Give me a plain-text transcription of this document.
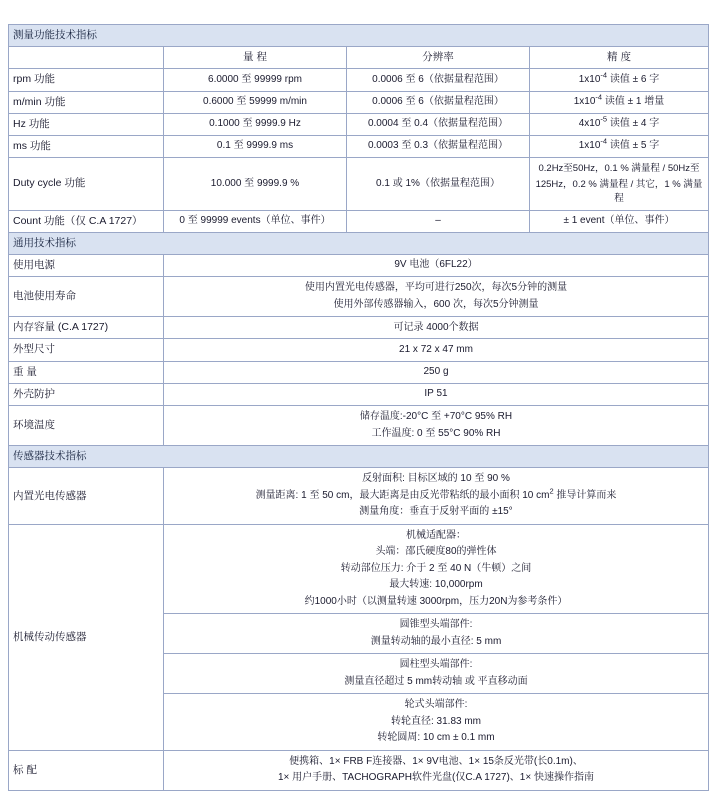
测量功能技术指标			
	量 程	分辨率	精 度
rpm 功能	6.0000 至 99999 rpm	0.0006 至 6（依据量程范围）	$1x10^{-4}$ 读值 ± 6 字
m/min 功能	0.6000 至 59999 m/min	0.0006 至 6（依据量程范围）	$1x10^{-4}$ 读值 ± 1 增量
Hz 功能	0.1000 至 9999.9 Hz	0.0004 至 0.4（依据量程范围）	$4x10^{-5}$ 读值 ± 4 字
ms 功能	0.1 至 9999.9 ms	0.0003 至 0.3（依据量程范围）	$1x10^{-4}$ 读值 ± 5 字
Duty cycle 功能	10.000 至 9999.9 %	0.1 或 1%（依据量程范围）	0.2Hz至50Hz，0.1 % 满量程 / 50Hz至
125Hz，0.2 % 满量程 / 其它，1 % 满量程

Count 功能（仅 C.A 1727）	0 至 99999 events（单位、事件）	–	± 1 event（单位、事件）
通用技术指标			
使用电源	9V 电池（6FL22）		
电池使用寿命	使用内置光电传感器，平均可进行250次，每次5分钟的测量
使用外部传感器输入，600 次，每次5分钟测量		

内存容量 (C.A 1727)	可记录 4000个数据		
外型尺寸	21 x 72 x 47 mm		
重 量	250 g		
外壳防护	IP 51		
环境温度	储存温度:-20°C 至 +70°C 95% RH
工作温度: 0 至 55°C 90% RH		

传感器技术指标			
内置光电传感器	反射面积: 目标区域的 10 至 90 %
测量距离: 1 至 50 cm，最大距离是由反光带粘纸的最小面积 10 $cm^2$ 推导计算而来
测量角度：垂直于反射平面的 ±15°		

机械传动传感器	机械适配器：
头端：邵氏硬度80的弹性体
转动部位压力: 介于 2 至 40 N（牛顿）之间
最大转速: 10,000rpm
约1000小时（以测量转速 3000rpm，压力20N为参考条件）		

	圆锥型头端部件:
测量转动轴的最小直径: 5 mm		

	圆柱型头端部件:
测量直径超过 5 mm转动轴 或 平直移动面		

	轮式头端部件:
转轮直径: 31.83 mm
转轮圆周: 10 cm ± 0.1 mm		

标 配	便携箱、1× FRB F连接器、1× 9V电池、1× 15条反光带(长0.1m)、
1× 用户手册、TACHOGRAPH软件光盘(仅C.A 1727)、1× 快速操作指南		
